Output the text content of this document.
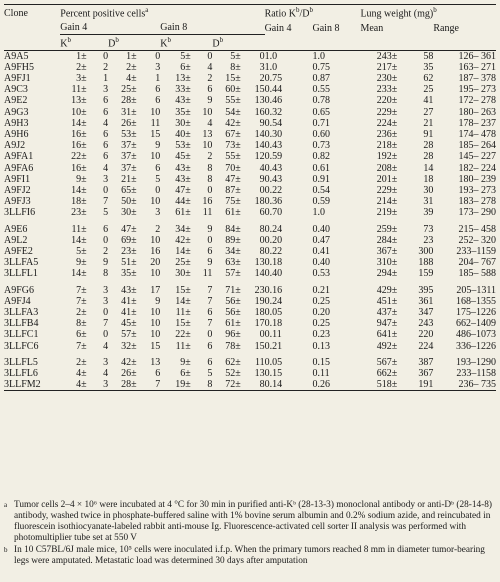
Clone	Percent positive cells$^a$												Ratio $K^b/D^b$		Lung weight (mg)$^b$
	Gain 4						Gain 8						Gain 4	Gain 8	Mean			Range
	$K^b$			$D^b$			$K^b$			$D^b$				
A9A5	1	±	0	1	±	0	5	±	0	5	±	0	1.0	1.0	243	±	58	126– 361
A9FH5	2	±	2	2	±	3	6	±	4	8	±	3	1.0	0.75	217	±	35	163– 271
A9FJ1	3	±	1	4	±	1	13	±	2	15	±	2	0.75	0.87	230	±	62	187– 378
A9C3	11	±	3	25	±	6	33	±	6	60	±	15	0.44	0.55	233	±	25	195– 273
A9E2	13	±	6	28	±	6	43	±	9	55	±	13	0.46	0.78	220	±	41	172– 278
A9G3	10	±	6	31	±	10	35	±	10	54	±	16	0.32	0.65	229	±	27	180– 263
A9H3	14	±	4	26	±	11	30	±	4	42	±	9	0.54	0.71	224	±	21	178– 237
A9H6	16	±	6	53	±	15	40	±	13	67	±	14	0.30	0.60	236	±	91	174– 478
A9J2	16	±	6	37	±	9	53	±	10	73	±	14	0.43	0.73	218	±	28	185– 264
A9FA1	22	±	6	37	±	10	45	±	2	55	±	12	0.59	0.82	192	±	28	145– 227
A9FA6	16	±	4	37	±	6	43	±	8	70	±	4	0.43	0.61	208	±	14	182– 224
A9FI1	9	±	3	21	±	5	43	±	8	47	±	9	0.43	0.91	201	±	18	180– 239
A9FJ2	14	±	0	65	±	0	47	±	0	87	±	0	0.22	0.54	229	±	30	193– 273
A9FJ3	18	±	7	50	±	10	44	±	16	75	±	18	0.36	0.59	214	±	31	183– 278
3LLFI6	23	±	5	30	±	3	61	±	11	61	±	6	0.70	1.0	219	±	39	173– 290
A9E6	11	±	6	47	±	2	34	±	9	84	±	8	0.24	0.40	259	±	73	215– 458
A9L2	14	±	0	69	±	10	42	±	0	89	±	0	0.20	0.47	284	±	23	252– 320
A9FE2	5	±	2	23	±	16	14	±	6	34	±	8	0.22	0.41	367	±	300	233–1159
3LLFA5	9	±	9	51	±	20	25	±	9	63	±	13	0.18	0.40	310	±	188	204– 767
3LLFL1	14	±	8	35	±	10	30	±	11	57	±	14	0.40	0.53	294	±	159	185– 588
A9FG6	7	±	3	43	±	17	15	±	7	71	±	23	0.16	0.21	429	±	395	205–1311
A9FJ4	7	±	3	41	±	9	14	±	7	56	±	19	0.24	0.25	451	±	361	168–1355
3LLFA3	2	±	0	41	±	10	11	±	6	56	±	18	0.05	0.20	437	±	347	175–1226
3LLFB4	8	±	7	45	±	10	15	±	7	61	±	17	0.18	0.25	947	±	243	662–1409
3LLFC1	6	±	0	57	±	10	22	±	0	96	±	0	0.11	0.23	641	±	220	486–1073
3LLFC6	7	±	4	32	±	15	11	±	6	78	±	15	0.21	0.13	492	±	224	336–1226
3LLFL5	2	±	3	42	±	13	9	±	6	62	±	11	0.05	0.15	567	±	387	193–1290
3LLFL6	4	±	4	26	±	6	6	±	5	52	±	13	0.15	0.11	662	±	367	233–1158
3LLFM2	4	±	3	28	±	7	19	±	8	72	±	8	0.14	0.26	518	±	191	236– 735
a Tumor cells 2–4 × 10⁶ were incubated at 4 °C for 30 min in purified anti-Kᵇ (28-13-3) monoclonal antibody or anti-Dᵇ (28-14-8) antibody, washed twice in phosphate-buffered saline with 1% bovine serum albumin and 0.2% sodium azide, and reincubated in fluorescein isothiocyanate-labeled rabbit anti-mouse Ig. Fluorescence-activated cell sorter II analysis was performed with photomultiplier tube set at 550 V
b In 10 C57BL/6J male mice, 10⁵ cells were inoculated i.f.p. When the primary tumors reached 8 mm in diameter tumor-bearing legs were amputated. Metastatic load was determined 30 days after amputation
